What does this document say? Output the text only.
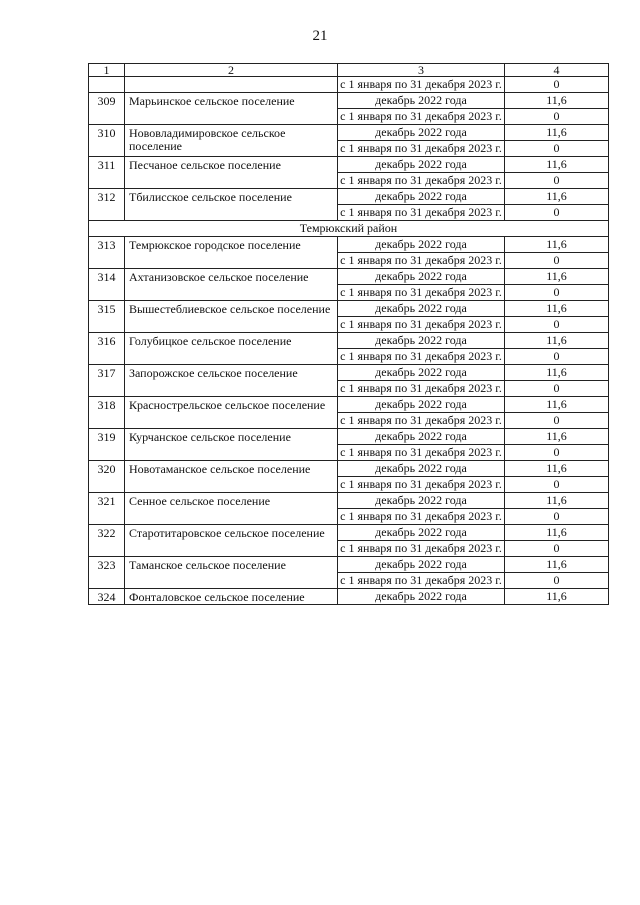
21
1	2	3	4
		с 1 января по 31 декабря 2023 г.	0
309	Марьинское сельское поселение	декабрь 2022 года	11,6
		с 1 января по 31 декабря 2023 г.	0
310	Нововладимировское сельское поселение	декабрь 2022 года	11,6
		с 1 января по 31 декабря 2023 г.	0
311	Песчаное сельское поселение	декабрь 2022 года	11,6
		с 1 января по 31 декабря 2023 г.	0
312	Тбилисское сельское поселение	декабрь 2022 года	11,6
		с 1 января по 31 декабря 2023 г.	0
Темрюкский район			
313	Темрюкское городское поселение	декабрь 2022 года	11,6
		с 1 января по 31 декабря 2023 г.	0
314	Ахтанизовское сельское поселение	декабрь 2022 года	11,6
		с 1 января по 31 декабря 2023 г.	0
315	Вышестеблиевское сельское поселение	декабрь 2022 года	11,6
		с 1 января по 31 декабря 2023 г.	0
316	Голубицкое сельское поселение	декабрь 2022 года	11,6
		с 1 января по 31 декабря 2023 г.	0
317	Запорожское сельское поселение	декабрь 2022 года	11,6
		с 1 января по 31 декабря 2023 г.	0
318	Краснострельское сельское поселение	декабрь 2022 года	11,6
		с 1 января по 31 декабря 2023 г.	0
319	Курчанское сельское поселение	декабрь 2022 года	11,6
		с 1 января по 31 декабря 2023 г.	0
320	Новотаманское сельское поселение	декабрь 2022 года	11,6
		с 1 января по 31 декабря 2023 г.	0
321	Сенное сельское поселение	декабрь 2022 года	11,6
		с 1 января по 31 декабря 2023 г.	0
322	Старотитаровское сельское поселение	декабрь 2022 года	11,6
		с 1 января по 31 декабря 2023 г.	0
323	Таманское сельское поселение	декабрь 2022 года	11,6
		с 1 января по 31 декабря 2023 г.	0
324	Фонталовское сельское поселение	декабрь 2022 года	11,6
